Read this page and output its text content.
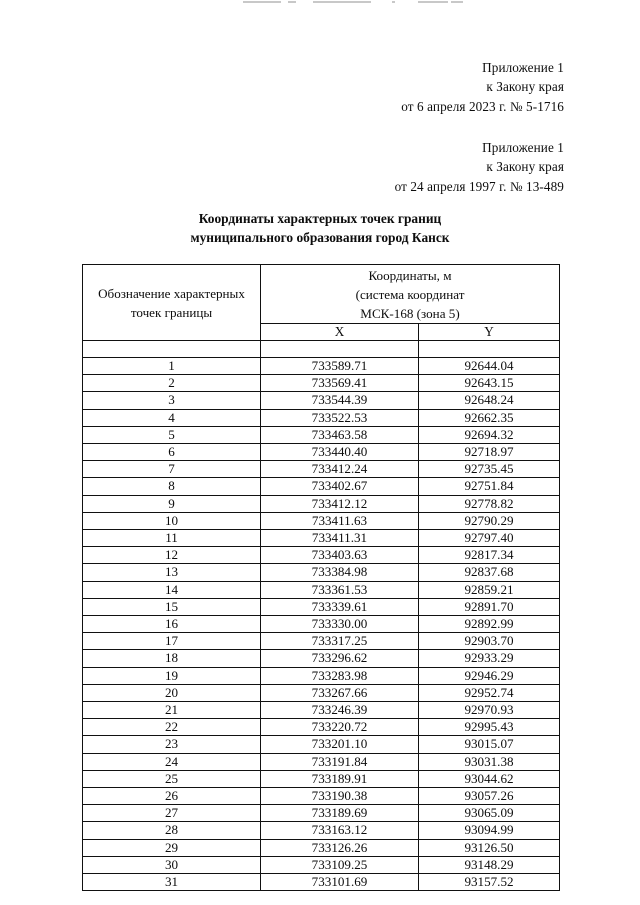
Приложение 1
к Закону края
от 6 апреля 2023 г. № 5-1716
Приложение 1
к Закону края
от 24 апреля 1997 г. № 13-489
Координаты характерных точек границ
муниципального образования город Канск
Обозначение характерных точек границы	Координаты, м
(система координат
МСК-168 (зона 5)	

	X	Y

1	733589.71	92644.04
2	733569.41	92643.15
3	733544.39	92648.24
4	733522.53	92662.35
5	733463.58	92694.32
6	733440.40	92718.97
7	733412.24	92735.45
8	733402.67	92751.84
9	733412.12	92778.82
10	733411.63	92790.29
11	733411.31	92797.40
12	733403.63	92817.34
13	733384.98	92837.68
14	733361.53	92859.21
15	733339.61	92891.70
16	733330.00	92892.99
17	733317.25	92903.70
18	733296.62	92933.29
19	733283.98	92946.29
20	733267.66	92952.74
21	733246.39	92970.93
22	733220.72	92995.43
23	733201.10	93015.07
24	733191.84	93031.38
25	733189.91	93044.62
26	733190.38	93057.26
27	733189.69	93065.09
28	733163.12	93094.99
29	733126.26	93126.50
30	733109.25	93148.29
31	733101.69	93157.52
